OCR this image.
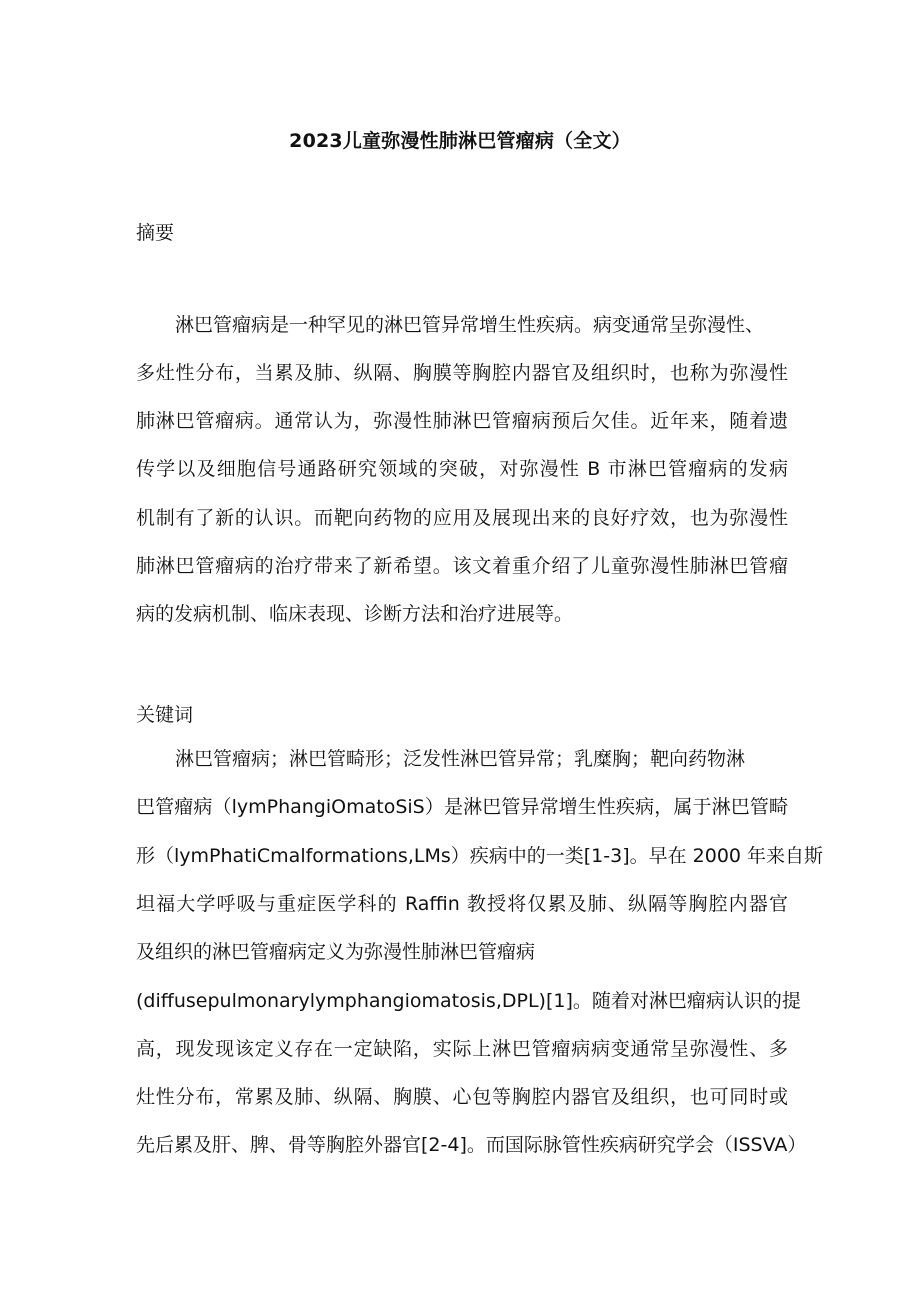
2023儿童弥漫性肺淋巴管瘤病（全文）
摘要
淋巴管瘤病是一种罕见的淋巴管异常增生性疾病。病变通常呈弥漫性、
多灶性分布，当累及肺、纵隔、胸膜等胸腔内器官及组织时，也称为弥漫性
肺淋巴管瘤病。通常认为，弥漫性肺淋巴管瘤病预后欠佳。近年来，随着遗
传学以及细胞信号通路研究领域的突破，对弥漫性 B 市淋巴管瘤病的发病
机制有了新的认识。而靶向药物的应用及展现出来的良好疗效，也为弥漫性
肺淋巴管瘤病的治疗带来了新希望。该文着重介绍了儿童弥漫性肺淋巴管瘤
病的发病机制、临床表现、诊断方法和治疗进展等。
关键词
淋巴管瘤病；淋巴管畸形；泛发性淋巴管异常；乳糜胸；靶向药物淋
巴管瘤病（lymPhangiOmatoSiS）是淋巴管异常增生性疾病，属于淋巴管畸
形（lymPhatiCmalformations,LMs）疾病中的一类[1-3]。早在 2000 年来自斯
坦福大学呼吸与重症医学科的 Raffin 教授将仅累及肺、纵隔等胸腔内器官
及组织的淋巴管瘤病定义为弥漫性肺淋巴管瘤病
(diffusepulmonarylymphangiomatosis,DPL)[1]。随着对淋巴瘤病认识的提
高，现发现该定义存在一定缺陷，实际上淋巴管瘤病病变通常呈弥漫性、多
灶性分布，常累及肺、纵隔、胸膜、心包等胸腔内器官及组织，也可同时或
先后累及肝、脾、骨等胸腔外器官[2-4]。而国际脉管性疾病研究学会（ISSVA）
